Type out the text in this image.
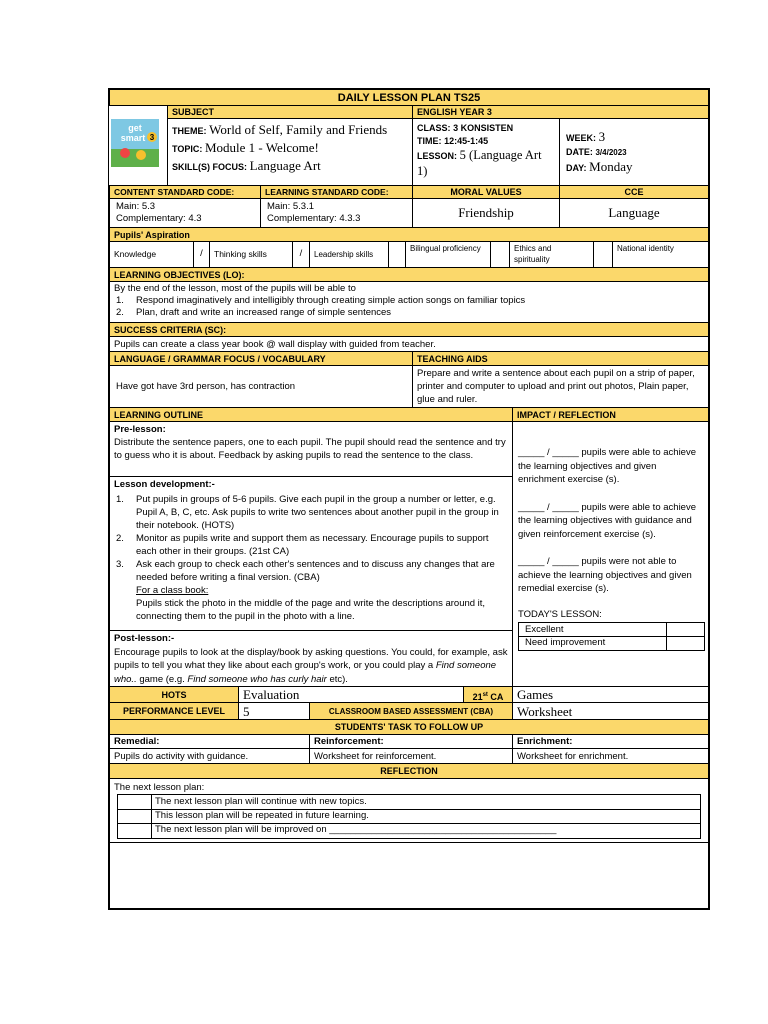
DAILY LESSON PLAN TS25
get
smart 3
SUBJECT	ENGLISH YEAR 3
THEME: World of Self, Family and Friends
TOPIC: Module 1 - Welcome!
SKILL(S) FOCUS: Language Art
CLASS: 3 KONSISTEN
TIME: 12:45-1:45
LESSON: 5 (Language Art 1)
WEEK: 3
DATE: 3/4/2023
DAY: Monday
CONTENT STANDARD CODE:	LEARNING STANDARD CODE:	MORAL VALUES	CCE
Main: 5.3
Complementary: 4.3
Main: 5.3.1
Complementary: 4.3.3	Friendship	Language
Pupils' Aspiration
Knowledge	/	Thinking skills	/	Leadership skills
Bilingual proficiency	Ethics and spirituality
National identity
LEARNING OBJECTIVES (LO):
By the end of the lesson, most of the pupils will be able to
1. Respond imaginatively and intelligibly through creating simple action songs on familiar topics
2. Plan, draft and write an increased range of simple sentences
SUCCESS CRITERIA (SC):
Pupils can create a class year book @ wall display with guided from teacher.
LANGUAGE / GRAMMAR FOCUS / VOCABULARY	TEACHING AIDS
Have got have 3rd person, has contraction
Prepare and write a sentence about each pupil on a strip of paper, printer and computer to upload and print out photos, Plain paper, glue and ruler.
LEARNING OUTLINE	IMPACT / REFLECTION
Pre-lesson:
Distribute the sentence papers, one to each pupil. The pupil should read the sentence and try to guess who it is about. Feedback by asking pupils to read the sentence to the class.
Lesson development:-
1. Put pupils in groups of 5-6 pupils. Give each pupil in the group a number or letter, e.g. Pupil A, B, C, etc. Ask pupils to write two sentences about another pupil in the group in their notebook. (HOTS)
2. Monitor as pupils write and support them as necessary. Encourage pupils to support each other in their groups. (21st CA)
3. Ask each group to check each other's sentences and to discuss any changes that are needed before writing a final version. (CBA)
For a class book:
Pupils stick the photo in the middle of the page and write the descriptions around it, connecting them to the pupil in the photo with a line.
Post-lesson:-
Encourage pupils to look at the display/book by asking questions. You could, for example, ask pupils to tell you what they like about each group's work, or you could play a Find someone who.. game (e.g. Find someone who has curly hair etc).
_____ / _____ pupils were able to achieve the learning objectives and given enrichment exercise (s).
_____ / _____ pupils were able to achieve the learning objectives with guidance and given reinforcement exercise (s).
_____ / _____ pupils were not able to achieve the learning objectives and given remedial exercise (s).
TODAY'S LESSON:
Excellent
Need improvement
HOTS	Evaluation	21st CA	Games
PERFORMANCE LEVEL	5	CLASSROOM BASED ASSESSMENT (CBA)	Worksheet
STUDENTS' TASK TO FOLLOW UP
Remedial:	Reinforcement:	Enrichment:
Pupils do activity with guidance.	Worksheet for reinforcement.	Worksheet for enrichment.
REFLECTION
The next lesson plan:
The next lesson plan will continue with new topics.
This lesson plan will be repeated in future learning.
The next lesson plan will be improved on ___________________________________________
